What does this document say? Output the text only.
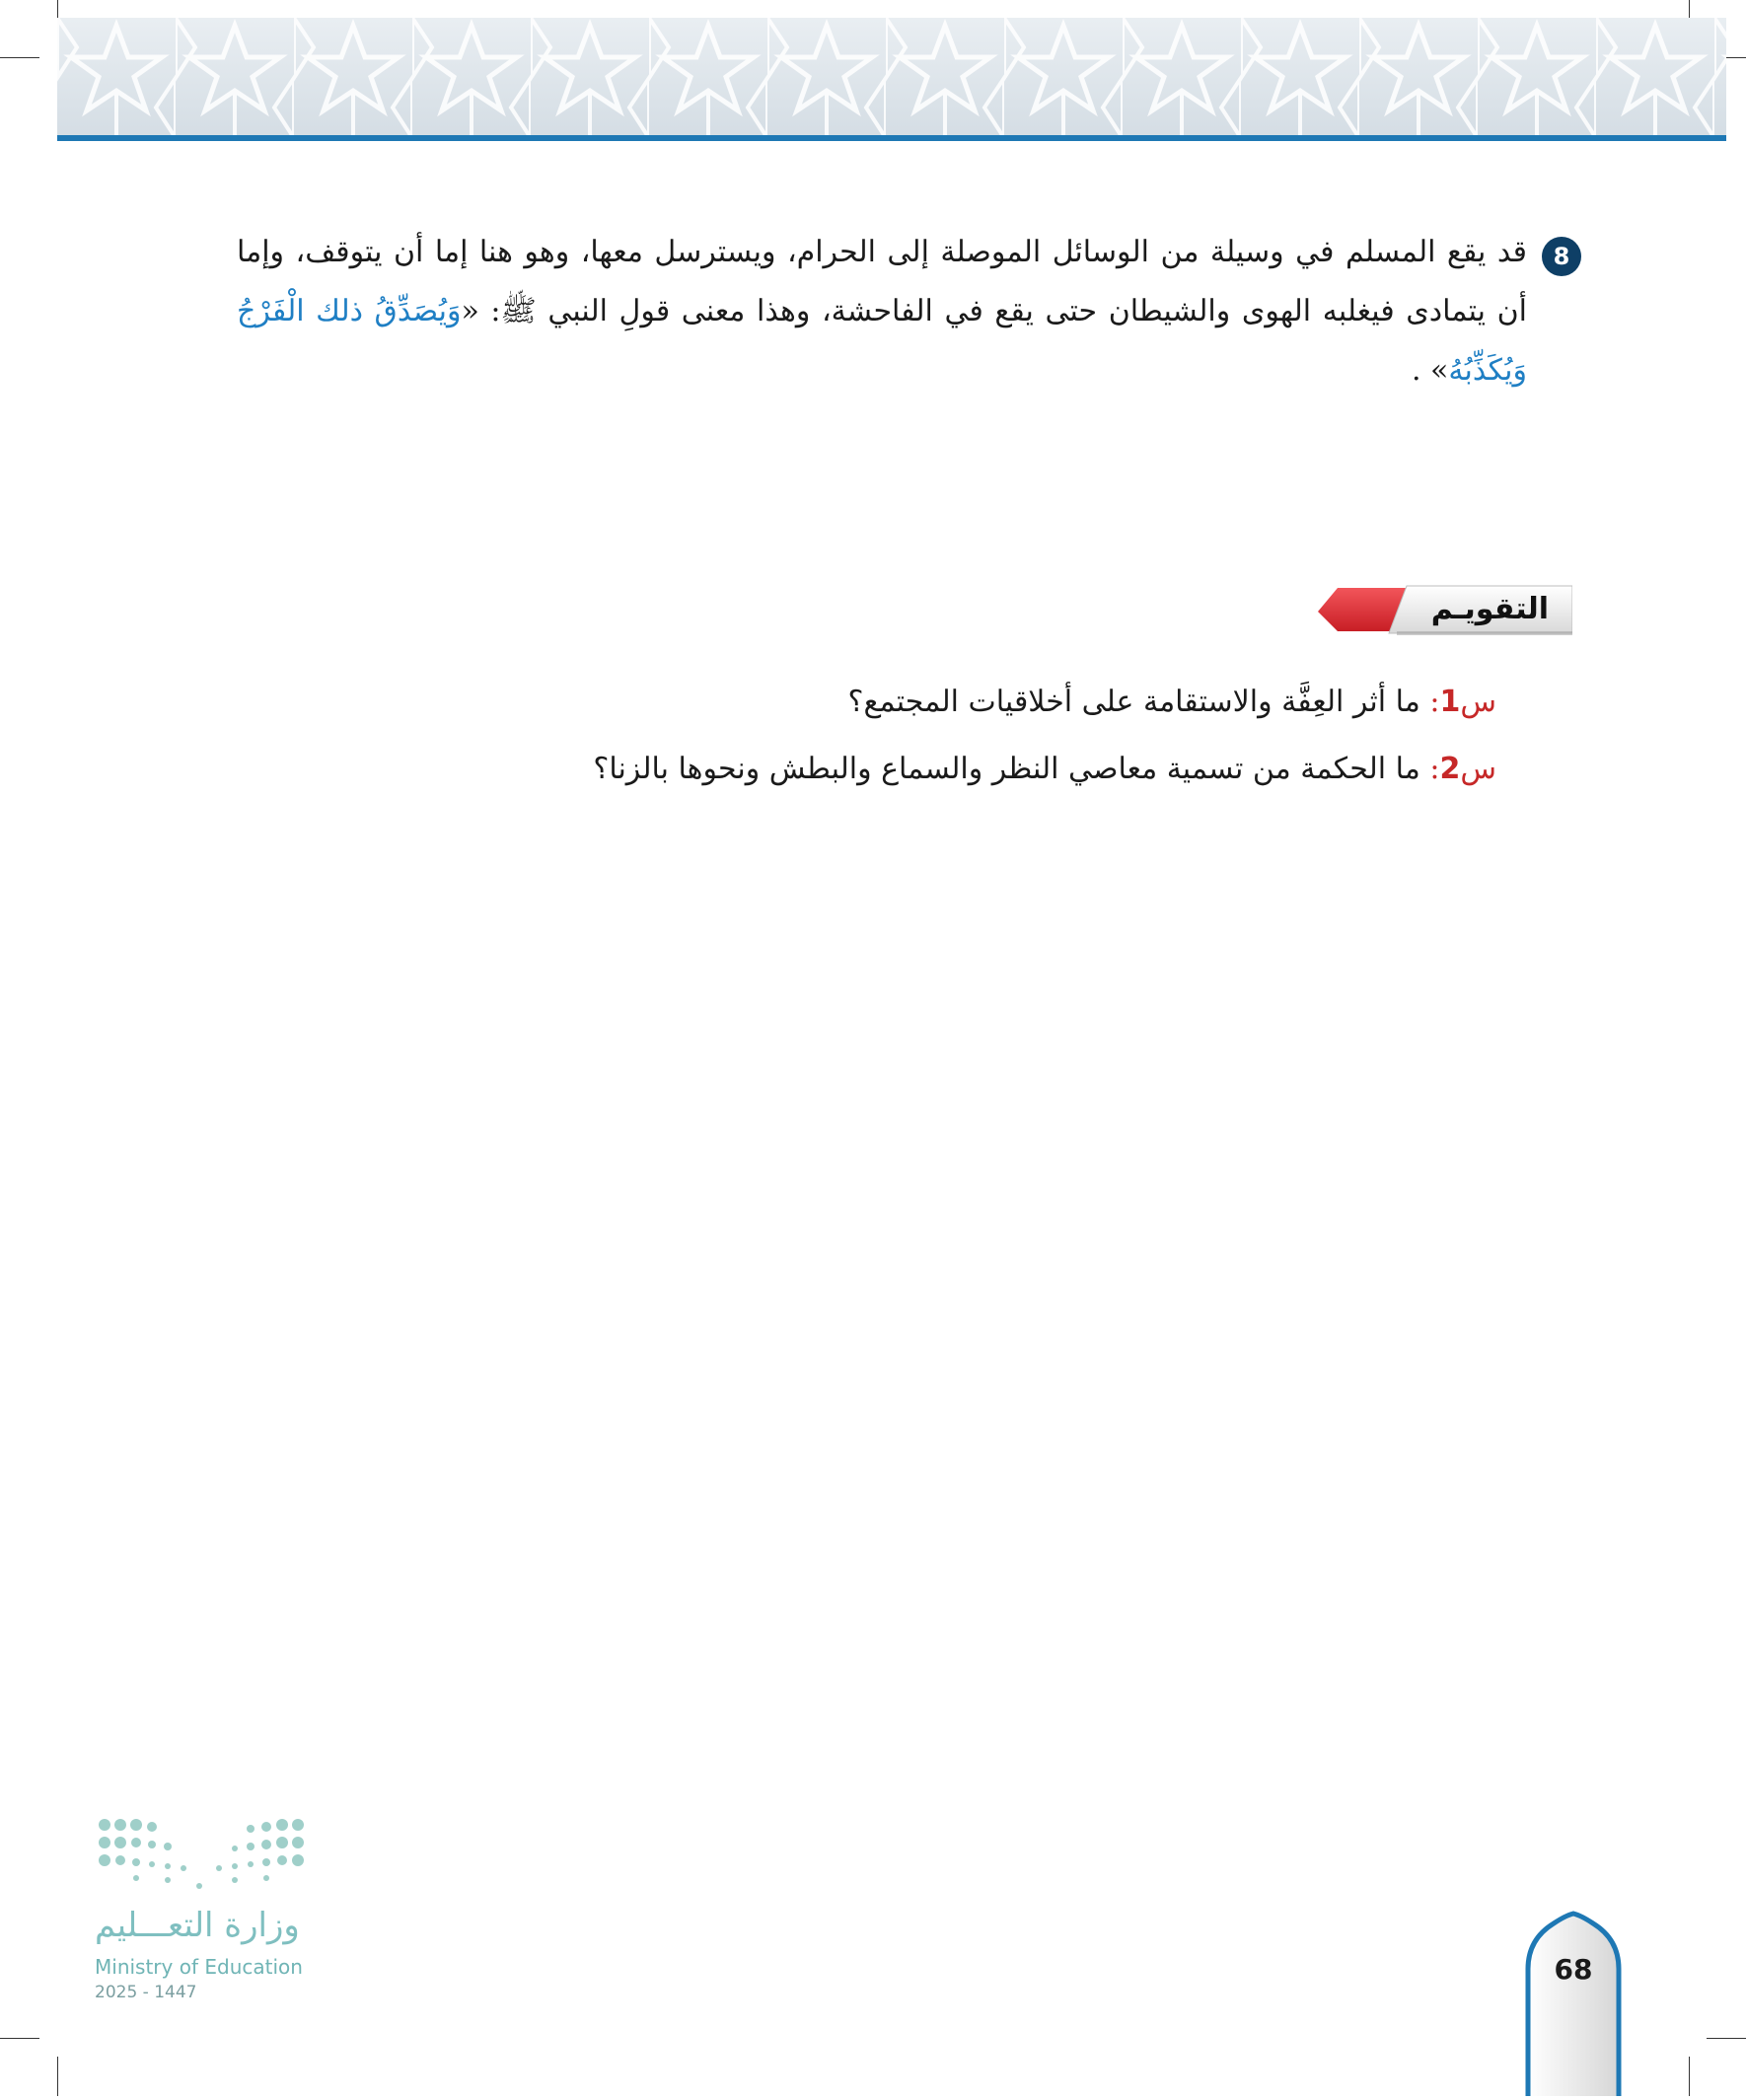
8
قد يقع المسلم في وسيلة من الوسائل الموصلة إلى الحرام، ويسترسل معها، وهو هنا إما أن يتوقف، وإما أن يتمادى فيغلبه الهوى والشيطان حتى يقع في الفاحشة، وهذا معنى قولِ النبي ﷺ: «وَيُصَدِّقُ ذلك الْفَرْجُ وَيُكَذِّبُهُ» .
التقويـم
س1: ما أثر العِفَّة والاستقامة على أخلاقيات المجتمع؟
س2: ما الحكمة من تسمية معاصي النظر والسماع والبطش ونحوها بالزنا؟
وزارة التعـــليم
Ministry of Education
2025 - 1447
68
